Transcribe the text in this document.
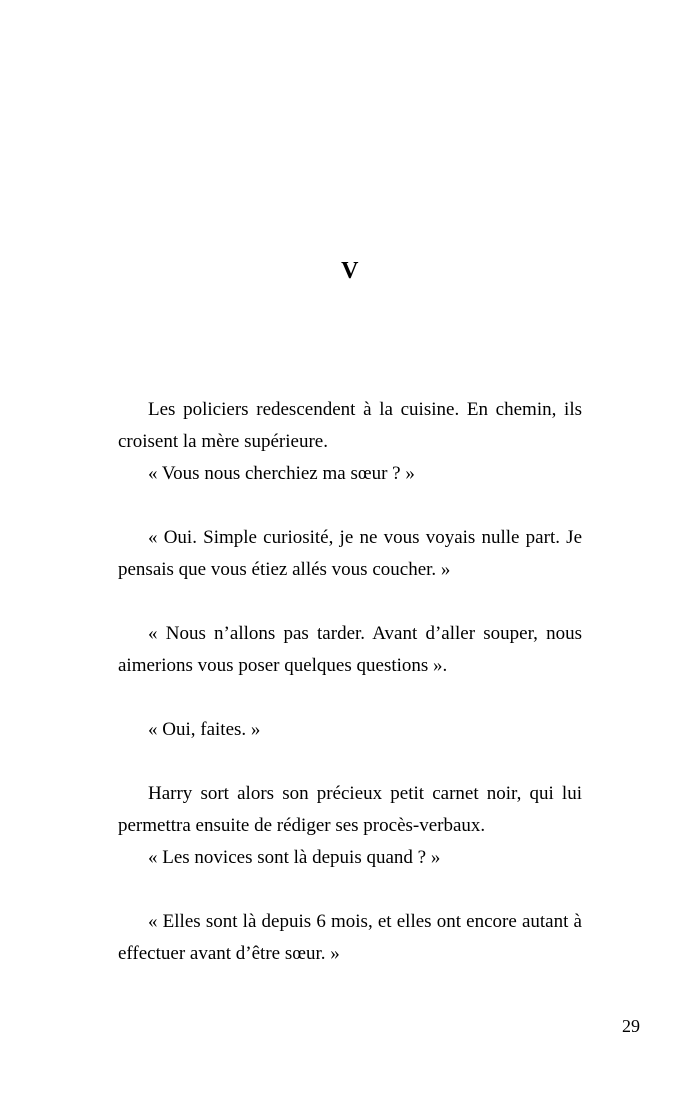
V

Les policiers redescendent à la cuisine. En chemin, ils croisent la mère supérieure.

« Vous nous cherchiez ma sœur ? »

« Oui. Simple curiosité, je ne vous voyais nulle part. Je pensais que vous étiez allés vous coucher. »

« Nous n’allons pas tarder. Avant d’aller souper, nous aimerions vous poser quelques questions ».

« Oui, faites. »

Harry sort alors son précieux petit carnet noir, qui lui permettra ensuite de rédiger ses procès-verbaux.

« Les novices sont là depuis quand ? »

« Elles sont là depuis 6 mois, et elles ont encore autant à effectuer avant d’être sœur. »

29
